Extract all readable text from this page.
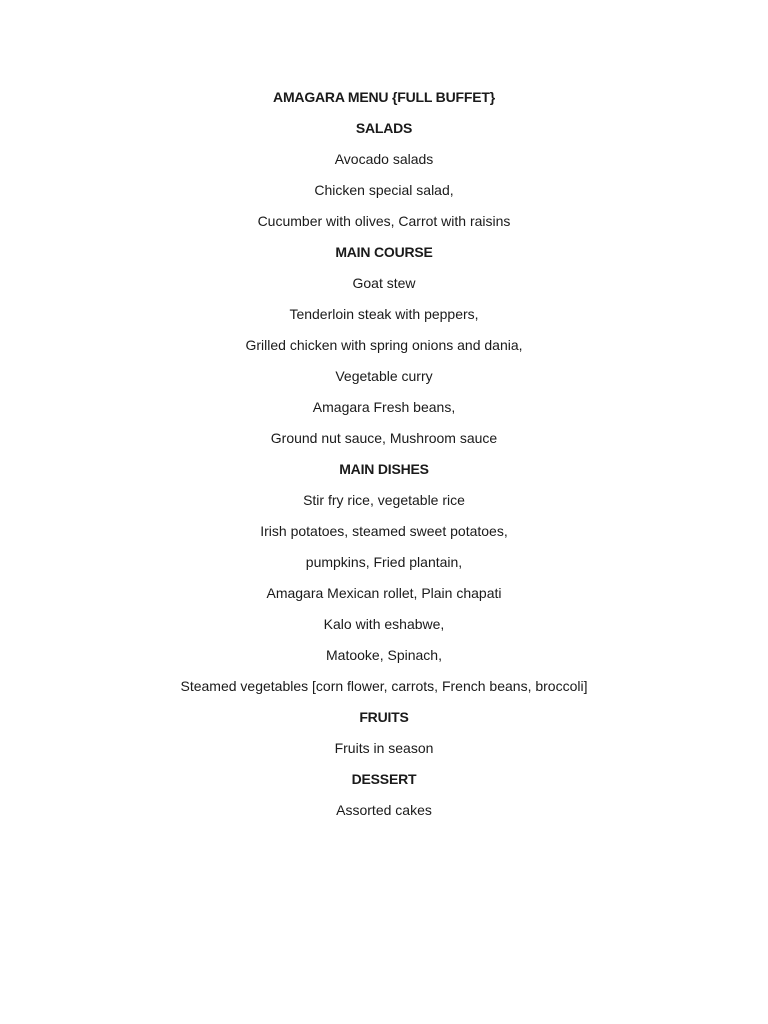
AMAGARA MENU {FULL BUFFET}
SALADS
Avocado salads
Chicken special salad,
Cucumber with olives, Carrot with raisins
MAIN COURSE
Goat stew
Tenderloin steak with peppers,
Grilled chicken with spring onions and dania,
Vegetable curry
Amagara Fresh beans,
Ground nut sauce, Mushroom sauce
MAIN DISHES
Stir fry rice, vegetable rice
Irish potatoes, steamed sweet potatoes,
pumpkins, Fried plantain,
Amagara Mexican rollet, Plain chapati
Kalo with eshabwe,
Matooke, Spinach,
Steamed vegetables [corn flower, carrots, French beans, broccoli]
FRUITS
Fruits in season
DESSERT
Assorted cakes
